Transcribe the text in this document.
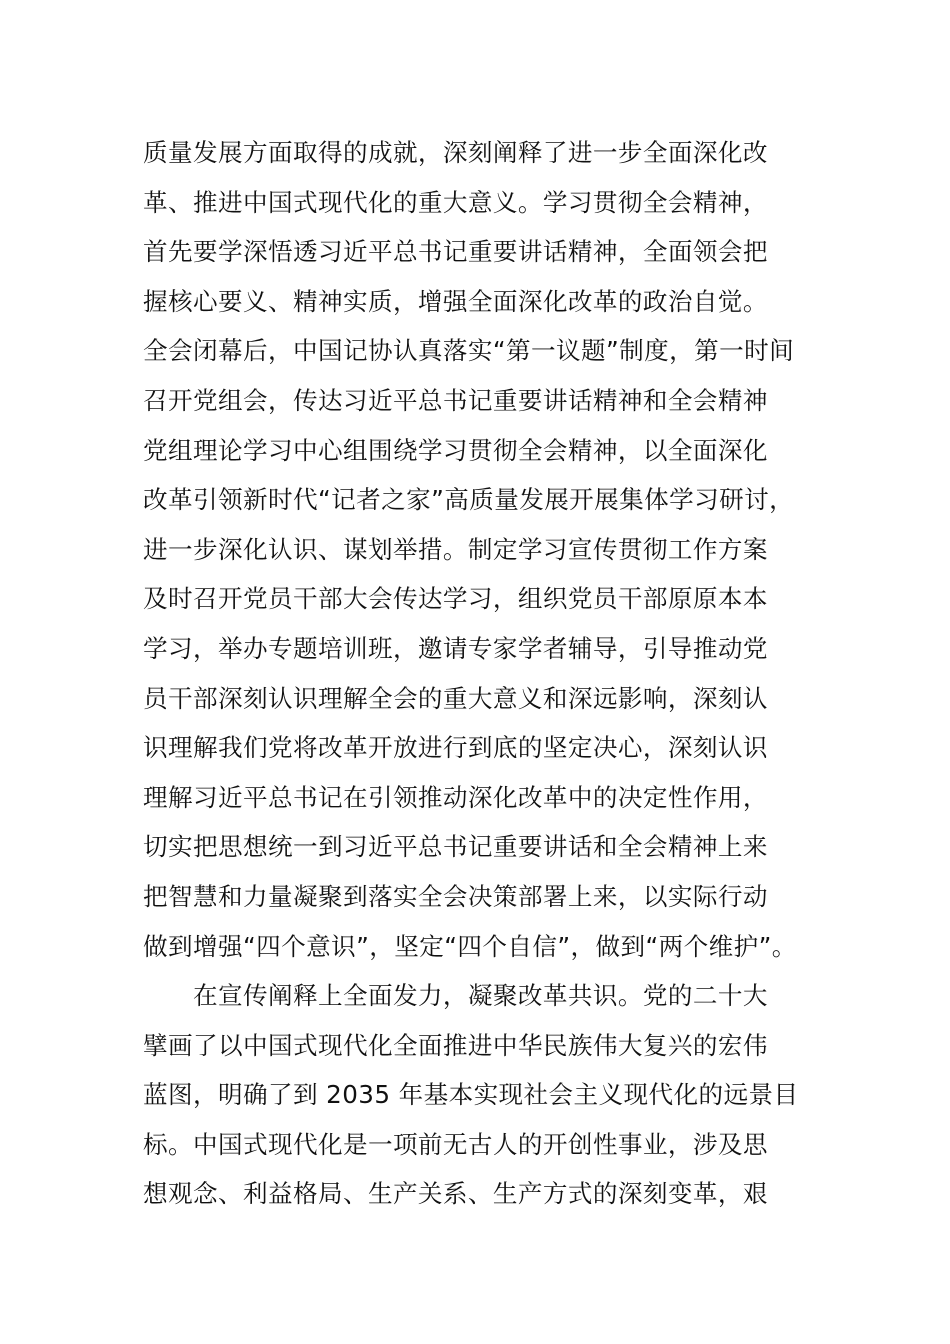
质量发展方面取得的成就，深刻阐释了进一步全面深化改
革、推进中国式现代化的重大意义。学习贯彻全会精神，
首先要学深悟透习近平总书记重要讲话精神，全面领会把
握核心要义、精神实质，增强全面深化改革的政治自觉。
全会闭幕后，中国记协认真落实“第一议题”制度，第一时间
召开党组会，传达习近平总书记重要讲话精神和全会精神
党组理论学习中心组围绕学习贯彻全会精神，以全面深化
改革引领新时代“记者之家”高质量发展开展集体学习研讨，
进一步深化认识、谋划举措。制定学习宣传贯彻工作方案
及时召开党员干部大会传达学习，组织党员干部原原本本
学习，举办专题培训班，邀请专家学者辅导，引导推动党
员干部深刻认识理解全会的重大意义和深远影响，深刻认
识理解我们党将改革开放进行到底的坚定决心，深刻认识
理解习近平总书记在引领推动深化改革中的决定性作用，
切实把思想统一到习近平总书记重要讲话和全会精神上来
把智慧和力量凝聚到落实全会决策部署上来，以实际行动
做到增强“四个意识”，坚定“四个自信”，做到“两个维护”。
　　在宣传阐释上全面发力，凝聚改革共识。党的二十大
擘画了以中国式现代化全面推进中华民族伟大复兴的宏伟
蓝图，明确了到 2035 年基本实现社会主义现代化的远景目
标。中国式现代化是一项前无古人的开创性事业，涉及思
想观念、利益格局、生产关系、生产方式的深刻变革，艰
